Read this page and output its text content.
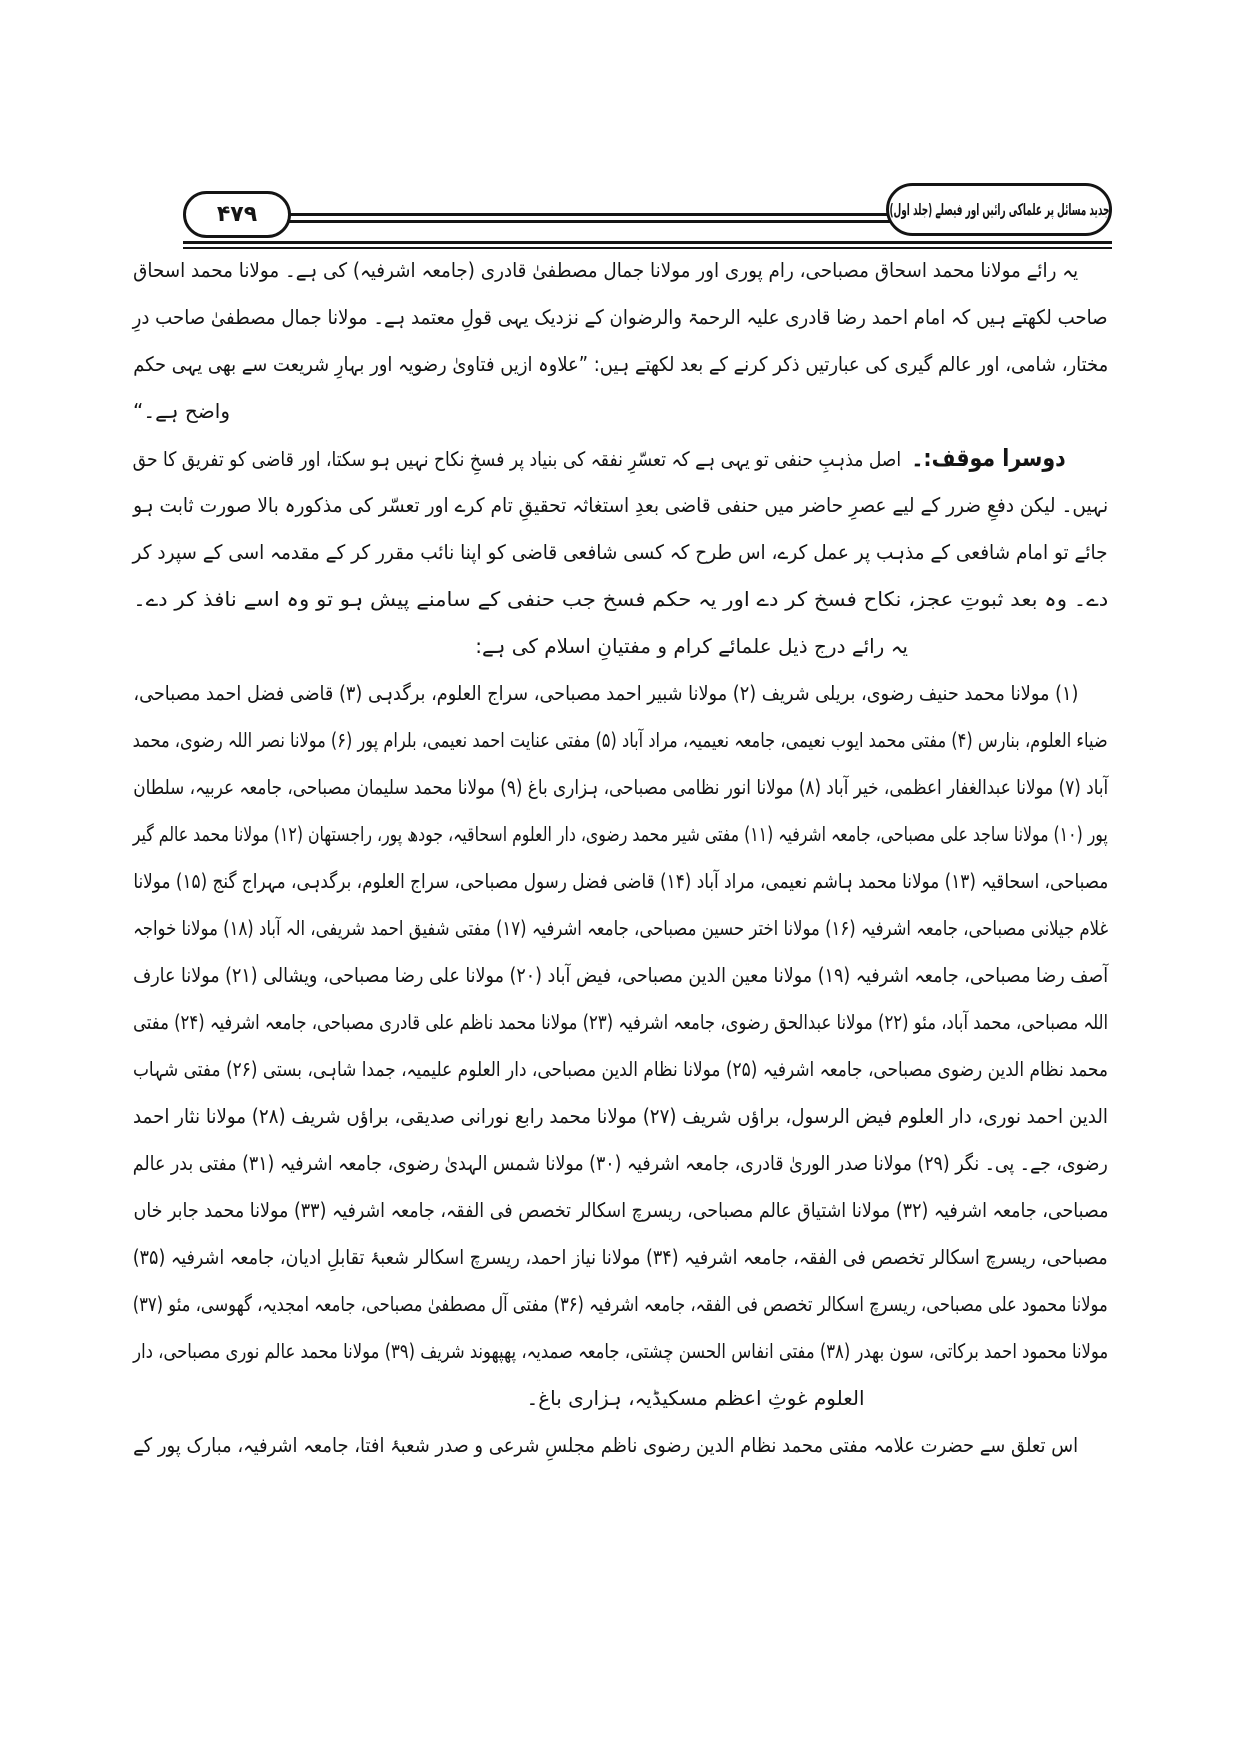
۴۷۹	جدید مسائل پر علماکی رائیں اور فیصلے (جلد اول)
یہ رائے مولانا محمد اسحاق مصباحی، رام پوری اور مولانا جمال مصطفیٰ قادری (جامعہ اشرفیہ) کی ہے۔ مولانا محمد اسحاق
صاحب لکھتے ہیں کہ امام احمد رضا قادری علیہ الرحمۃ والرضوان کے نزدیک یہی قولِ معتمد ہے۔ مولانا جمال مصطفیٰ صاحب درِ
مختار، شامی، اور عالم گیری کی عبارتیں ذکر کرنے کے بعد لکھتے ہیں: ”علاوہ ازیں فتاویٰ رضویہ اور بہارِ شریعت سے بھی یہی حکم
واضح ہے۔“
دوسرا موقف:۔اصل مذہبِ حنفی تو یہی ہے کہ تعسّرِ نفقہ کی بنیاد پر فسخِ نکاح نہیں ہو سکتا، اور قاضی کو تفریق کا حق
نہیں۔ لیکن دفعِ ضرر کے لیے عصرِ حاضر میں حنفی قاضی بعدِ استغاثہ تحقیقِ تام کرے اور تعسّر کی مذکورہ بالا صورت ثابت ہو
جائے تو امام شافعی کے مذہب پر عمل کرے، اس طرح کہ کسی شافعی قاضی کو اپنا نائب مقرر کر کے مقدمہ اسی کے سپرد کر
دے۔ وہ بعد ثبوتِ عجز، نکاح فسخ کر دے اور یہ حکم فسخ جب حنفی کے سامنے پیش ہو تو وہ اسے نافذ کر دے۔
یہ رائے درج ذیل علمائے کرام و مفتیانِ اسلام کی ہے:
(۱) مولانا محمد حنیف رضوی، بریلی شریف (۲) مولانا شبیر احمد مصباحی، سراج العلوم، برگدہی (۳) قاضی فضل احمد مصباحی،
ضیاء العلوم، بنارس (۴) مفتی محمد ایوب نعیمی، جامعہ نعیمیہ، مراد آباد (۵) مفتی عنایت احمد نعیمی، بلرام پور (۶) مولانا نصر اللہ رضوی، محمد
آباد (۷) مولانا عبدالغفار اعظمی، خیر آباد (۸) مولانا انور نظامی مصباحی، ہزاری باغ (۹) مولانا محمد سلیمان مصباحی، جامعہ عربیہ، سلطان
پور (۱۰) مولانا ساجد علی مصباحی، جامعہ اشرفیہ (۱۱) مفتی شیر محمد رضوی، دار العلوم اسحاقیہ، جودھ پور، راجستھان (۱۲) مولانا محمد عالم گیر
مصباحی، اسحاقیہ (۱۳) مولانا محمد ہاشم نعیمی، مراد آباد (۱۴) قاضی فضل رسول مصباحی، سراج العلوم، برگدہی، مہراج گنج (۱۵) مولانا
غلام جیلانی مصباحی، جامعہ اشرفیہ (۱۶) مولانا اختر حسین مصباحی، جامعہ اشرفیہ (۱۷) مفتی شفیق احمد شریفی، الہ آباد (۱۸) مولانا خواجہ
آصف رضا مصباحی، جامعہ اشرفیہ (۱۹) مولانا معین الدین مصباحی، فیض آباد (۲۰) مولانا علی رضا مصباحی، ویشالی (۲۱) مولانا عارف
اللہ مصباحی، محمد آباد، مئو (۲۲) مولانا عبدالحق رضوی، جامعہ اشرفیہ (۲۳) مولانا محمد ناظم علی قادری مصباحی، جامعہ اشرفیہ (۲۴) مفتی
محمد نظام الدین رضوی مصباحی، جامعہ اشرفیہ (۲۵) مولانا نظام الدین مصباحی، دار العلوم علیمیہ، جمدا شاہی، بستی (۲۶) مفتی شہاب
الدین احمد نوری، دار العلوم فیض الرسول، براؤں شریف (۲۷) مولانا محمد رابع نورانی صدیقی، براؤں شریف (۲۸) مولانا نثار احمد
رضوی، جے۔ پی۔ نگر (۲۹) مولانا صدر الوریٰ قادری، جامعہ اشرفیہ (۳۰) مولانا شمس الہدیٰ رضوی، جامعہ اشرفیہ (۳۱) مفتی بدر عالم
مصباحی، جامعہ اشرفیہ (۳۲) مولانا اشتیاق عالم مصباحی، ریسرچ اسکالر تخصص فی الفقہ، جامعہ اشرفیہ (۳۳) مولانا محمد جابر خاں
مصباحی، ریسرچ اسکالر تخصص فی الفقہ، جامعہ اشرفیہ (۳۴) مولانا نیاز احمد، ریسرچ اسکالر شعبۂ تقابلِ ادیان، جامعہ اشرفیہ (۳۵)
مولانا محمود علی مصباحی، ریسرچ اسکالر تخصص فی الفقہ، جامعہ اشرفیہ (۳۶) مفتی آل مصطفیٰ مصباحی، جامعہ امجدیہ، گھوسی، مئو (۳۷)
مولانا محمود احمد برکاتی، سون بھدر (۳۸) مفتی انفاس الحسن چشتی، جامعہ صمدیہ، پھپھوند شریف (۳۹) مولانا محمد عالم نوری مصباحی، دار
العلوم غوثِ اعظم مسکیڈیہ، ہزاری باغ۔
اس تعلق سے حضرت علامہ مفتی محمد نظام الدین رضوی ناظم مجلسِ شرعی و صدر شعبۂ افتا، جامعہ اشرفیہ، مبارک پور کے
